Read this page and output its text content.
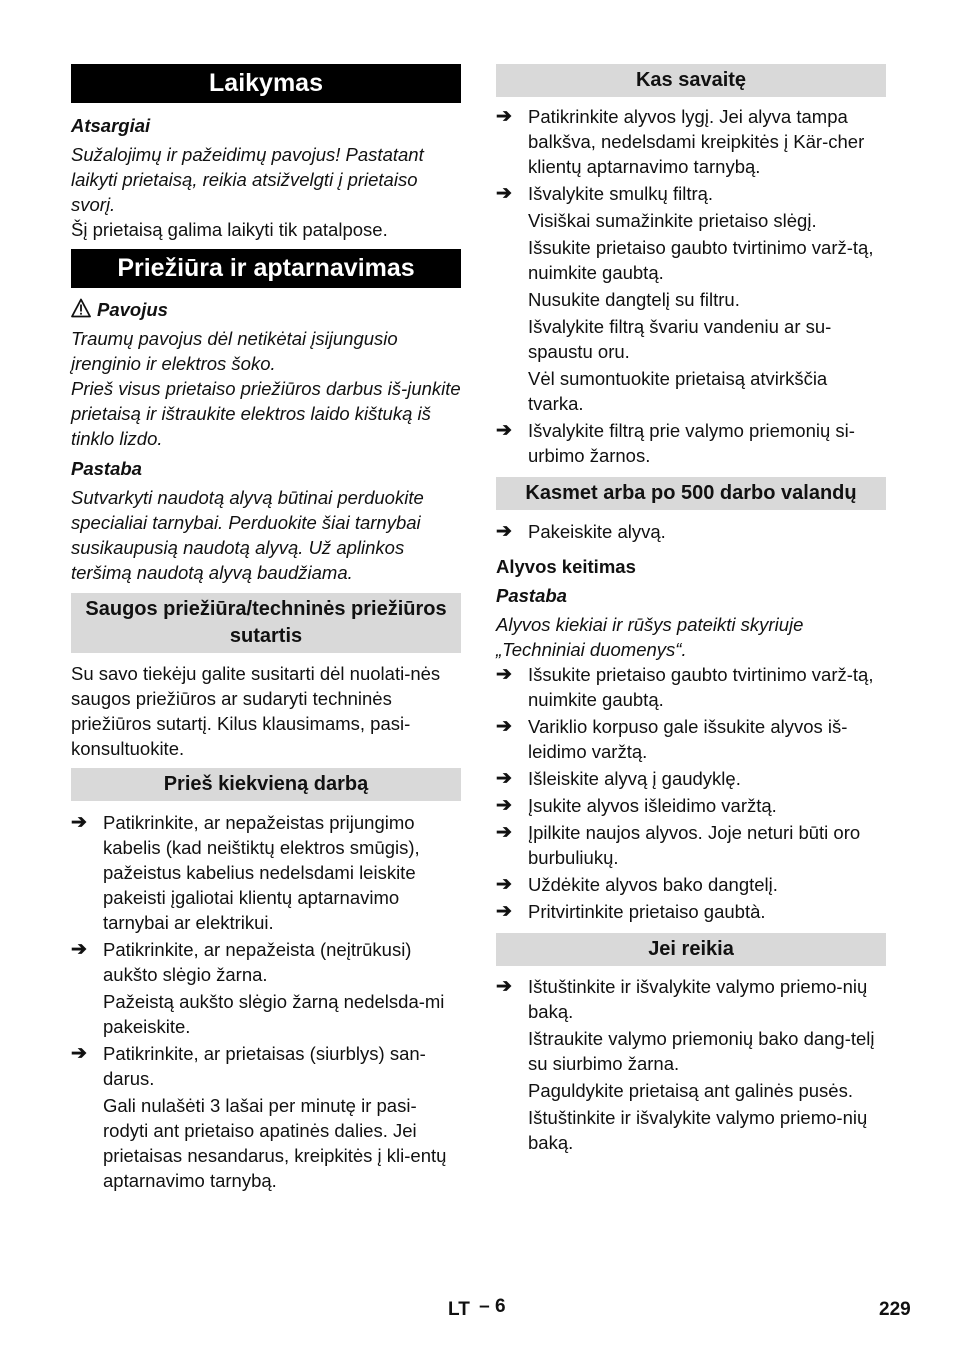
Laikymas

Atsargiai

Sužalojimų ir pažeidimų pavojus! Pastatant laikyti prietaisą, reikia atsižvelgti į prietaiso svorį.

Šį prietaisą galima laikyti tik patalpose.

Priežiūra ir aptarnavimas

Pavojus

Traumų pavojus dėl netikėtai įsijungusio įrenginio ir elektros šoko.

Prieš visus prietaiso priežiūros darbus iš-junkite prietaisą ir ištraukite elektros laido kištuką iš tinklo lizdo.

Pastaba

Sutvarkyti naudotą alyvą būtinai perduokite specialiai tarnybai. Perduokite šiai tarnybai susikaupusią naudotą alyvą. Už aplinkos teršimą naudotą alyvą baudžiama.

Saugos priežiūra/techninės priežiūros sutartis

Su savo tiekėju galite susitarti dėl nuolati-nės saugos priežiūros ar sudaryti techninės priežiūros sutartį. Kilus klausimams, pasi-konsultuokite.

Prieš kiekvieną darbą
➔ Patikrinkite, ar nepažeistas prijungimo kabelis (kad neištiktų elektros smūgis), pažeistus kabelius nedelsdami leiskite pakeisti įgaliotai klientų aptarnavimo tarnybai ar elektrikui.
➔ Patikrinkite, ar nepažeista (neįtrūkusi) aukšto slėgio žarna.

Pažeistą aukšto slėgio žarną nedelsda-mi pakeiskite.

➔ Patikrinkite, ar prietaisas (siurblys) san-darus.

Gali nulašėti 3 lašai per minutę ir pasi-rodyti ant prietaiso apatinės dalies. Jei prietaisas nesandarus, kreipkitės į kli-entų aptarnavimo tarnybą.

Kas savaitę
➔ Patikrinkite alyvos lygį. Jei alyva tampa balkšva, nedelsdami kreipkitės į Kär-cher klientų aptarnavimo tarnybą.
➔ Išvalykite smulkų filtrą.

Visiškai sumažinkite prietaiso slėgį.

Išsukite prietaiso gaubto tvirtinimo varž-tą, nuimkite gaubtą.

Nusukite dangtelį su filtru.

Išvalykite filtrą švariu vandeniu ar su-spaustu oru.

Vėl sumontuokite prietaisą atvirkščia tvarka.

➔ Išvalykite filtrą prie valymo priemonių si-urbimo žarnos.
Kasmet arba po 500 darbo valandų
➔ Pakeiskite alyvą.

Alyvos keitimas

Pastaba

Alyvos kiekiai ir rūšys pateikti skyriuje „Techniniai duomenys“.

➔ Išsukite prietaiso gaubto tvirtinimo varž-tą, nuimkite gaubtą.
➔ Variklio korpuso gale išsukite alyvos iš-leidimo varžtą.
➔ Išleiskite alyvą į gaudyklę.
➔ Įsukite alyvos išleidimo varžtą.
➔ Įpilkite naujos alyvos. Joje neturi būti oro burbuliukų.
➔ Uždėkite alyvos bako dangtelį.
➔ Pritvirtinkite prietaiso gaubtà.
Jei reikia
➔ Ištuštinkite ir išvalykite valymo priemo-nių baką.

Ištraukite valymo priemonių bako dang-telį su siurbimo žarna.

Paguldykite prietaisą ant galinės pusės.

Ištuštinkite ir išvalykite valymo priemo-nių baką.

LT – 6	229
